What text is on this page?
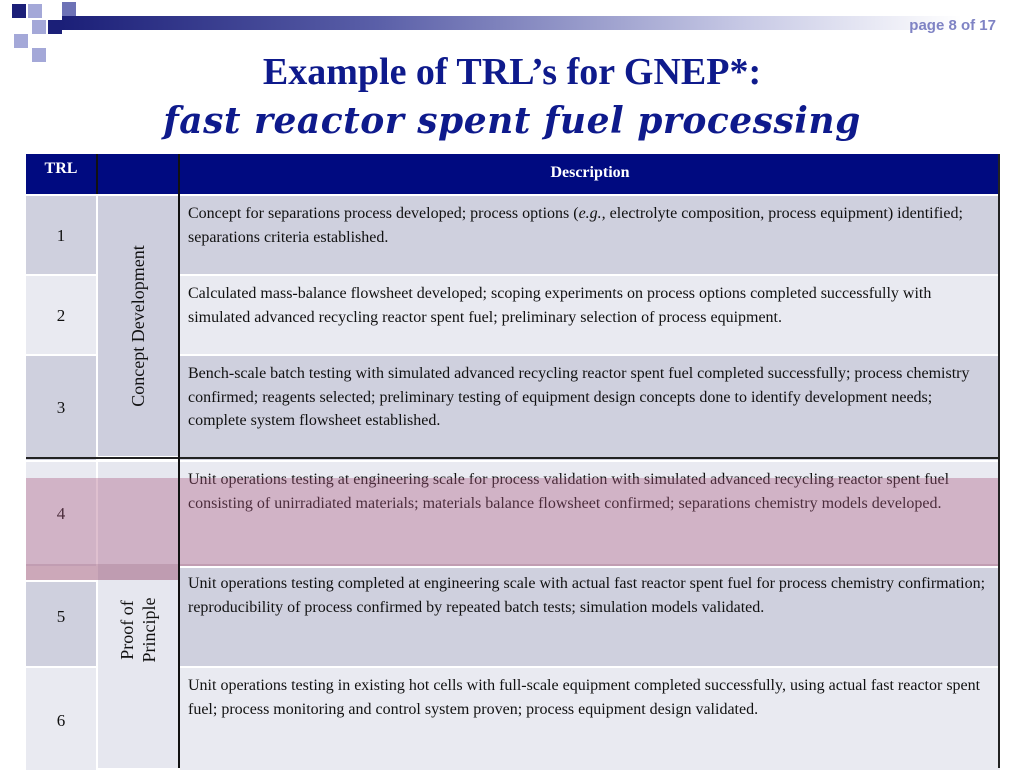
page 8 of 17
Example of TRL’s for GNEP*:
fast reactor spent fuel processing
TRL	Description
Concept Development
Proof of Principle
1
Concept for separations process developed; process options (e.g., electrolyte composition, process equipment) identified; separations criteria established.
2
Calculated mass-balance flowsheet developed; scoping experiments on process options completed successfully with simulated advanced recycling reactor spent fuel; preliminary selection of process equipment.
3
Bench-scale batch testing with simulated advanced recycling reactor spent fuel completed successfully; process chemistry confirmed; reagents selected; preliminary testing of equipment design concepts done to identify development needs; complete system flowsheet established.
4
Unit operations testing at engineering scale for process validation with simulated advanced recycling reactor spent fuel consisting of unirradiated materials; materials balance flowsheet confirmed; separations chemistry models developed.
5
Unit operations testing completed at engineering scale with actual fast reactor spent fuel for process chemistry confirmation; reproducibility of process confirmed by repeated batch tests; simulation models validated.
6
Unit operations testing in existing hot cells with full-scale equipment completed successfully, using actual fast reactor spent fuel; process monitoring and control system proven; process equipment design validated.
